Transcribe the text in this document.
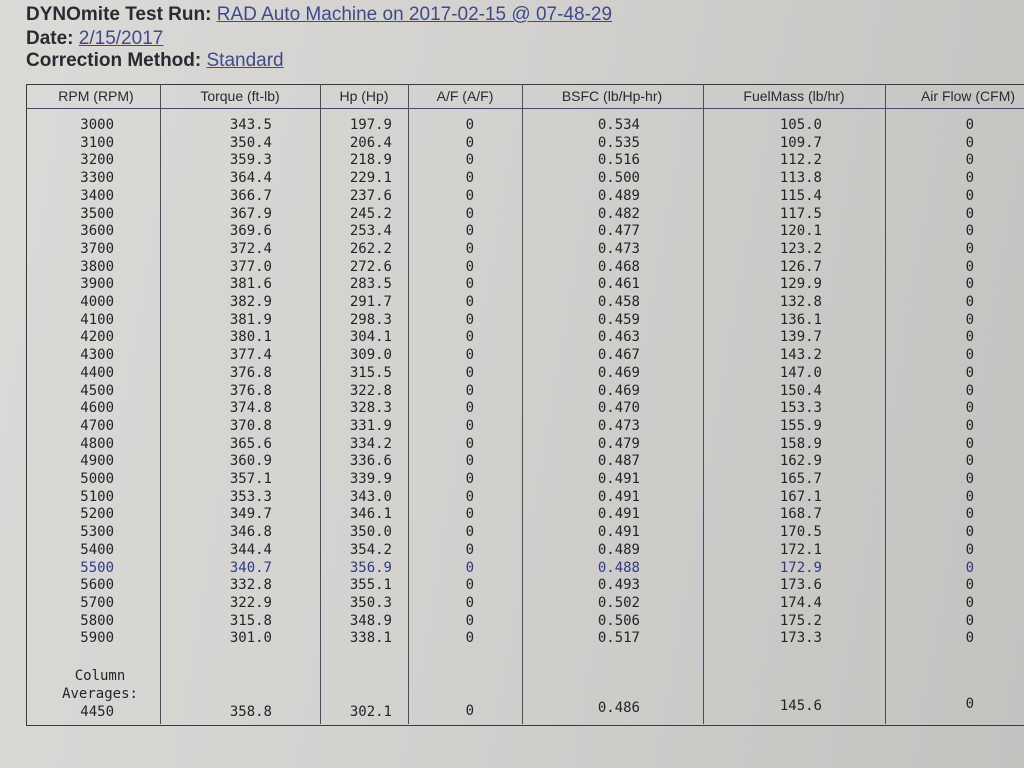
DYNOmite Test Run: RAD Auto Machine on 2017-02-15 @ 07-48-29
Date: 2/15/2017
Correction Method: Standard
RPM (RPM)	Torque (ft-lb)	Hp (Hp)	A/F (A/F)	BSFC (lb/Hp-hr)	FuelMass (lb/hr)	Air Flow (CFM)
3000	343.5	197.9	0	0.534	105.0	0
3100	350.4	206.4	0	0.535	109.7	0
3200	359.3	218.9	0	0.516	112.2	0
3300	364.4	229.1	0	0.500	113.8	0
3400	366.7	237.6	0	0.489	115.4	0
3500	367.9	245.2	0	0.482	117.5	0
3600	369.6	253.4	0	0.477	120.1	0
3700	372.4	262.2	0	0.473	123.2	0
3800	377.0	272.6	0	0.468	126.7	0
3900	381.6	283.5	0	0.461	129.9	0
4000	382.9	291.7	0	0.458	132.8	0
4100	381.9	298.3	0	0.459	136.1	0
4200	380.1	304.1	0	0.463	139.7	0
4300	377.4	309.0	0	0.467	143.2	0
4400	376.8	315.5	0	0.469	147.0	0
4500	376.8	322.8	0	0.469	150.4	0
4600	374.8	328.3	0	0.470	153.3	0
4700	370.8	331.9	0	0.473	155.9	0
4800	365.6	334.2	0	0.479	158.9	0
4900	360.9	336.6	0	0.487	162.9	0
5000	357.1	339.9	0	0.491	165.7	0
5100	353.3	343.0	0	0.491	167.1	0
5200	349.7	346.1	0	0.491	168.7	0
5300	346.8	350.0	0	0.491	170.5	0
5400	344.4	354.2	0	0.489	172.1	0
5500	340.7	356.9	0	0.488	172.9	0
5600	332.8	355.1	0	0.493	173.6	0
5700	322.9	350.3	0	0.502	174.4	0
5800	315.8	348.9	0	0.506	175.2	0
5900	301.0	338.1	0	0.517	173.3	0
Column
Averages:
4450	358.8	302.1	0	0.486	145.6	0
